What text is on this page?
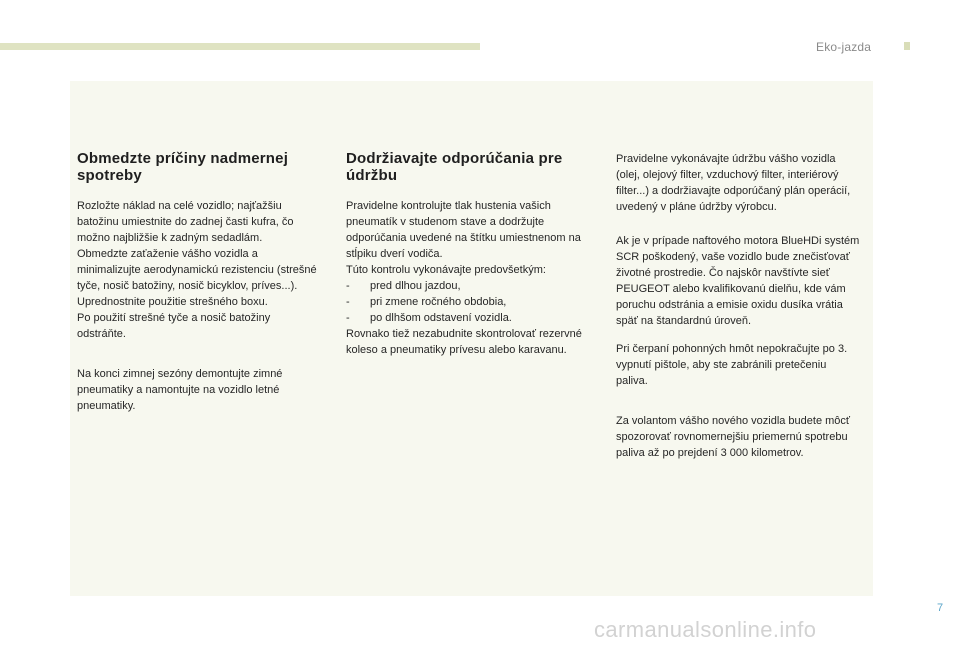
Eko-jazda
Obmedzte príčiny nadmernej spotreby

Rozložte náklad na celé vozidlo; najťažšiu batožinu umiestnite do zadnej časti kufra, čo možno najbližšie k zadným sedadlám.

Obmedzte zaťaženie vášho vozidla a minimalizujte aerodynamickú rezistenciu (strešné tyče, nosič batožiny, nosič bicyklov, príves...). Uprednostnite použitie strešného boxu.

Po použití strešné tyče a nosič batožiny odstráňte.

Na konci zimnej sezóny demontujte zimné pneumatiky a namontujte na vozidlo letné pneumatiky.

Dodržiavajte odporúčania pre údržbu

Pravidelne kontrolujte tlak hustenia vašich pneumatík v studenom stave a dodržujte odporúčania uvedené na štítku umiestnenom na stĺpiku dverí vodiča.

Túto kontrolu vykonávajte predovšetkým:

- pred dlhou jazdou,
- pri zmene ročného obdobia,
- po dlhšom odstavení vozidla.

Rovnako tiež nezabudnite skontrolovať rezervné koleso a pneumatiky prívesu alebo karavanu.

Pravidelne vykonávajte údržbu vášho vozidla (olej, olejový filter, vzduchový filter, interiérový filter...) a dodržiavajte odporúčaný plán operácií, uvedený v pláne údržby výrobcu.

Ak je v prípade naftového motora BlueHDi systém SCR poškodený, vaše vozidlo bude znečisťovať životné prostredie. Čo najskôr navštívte sieť PEUGEOT alebo kvalifikovanú dielňu, kde vám poruchu odstránia a emisie oxidu dusíka vrátia späť na štandardnú úroveň.

Pri čerpaní pohonných hmôt nepokračujte po 3. vypnutí pištole, aby ste zabránili pretečeniu paliva.

Za volantom vášho nového vozidla budete môcť spozorovať rovnomernejšiu priemernú spotrebu paliva až po prejdení 3 000 kilometrov.

7
carmanualsonline.info
